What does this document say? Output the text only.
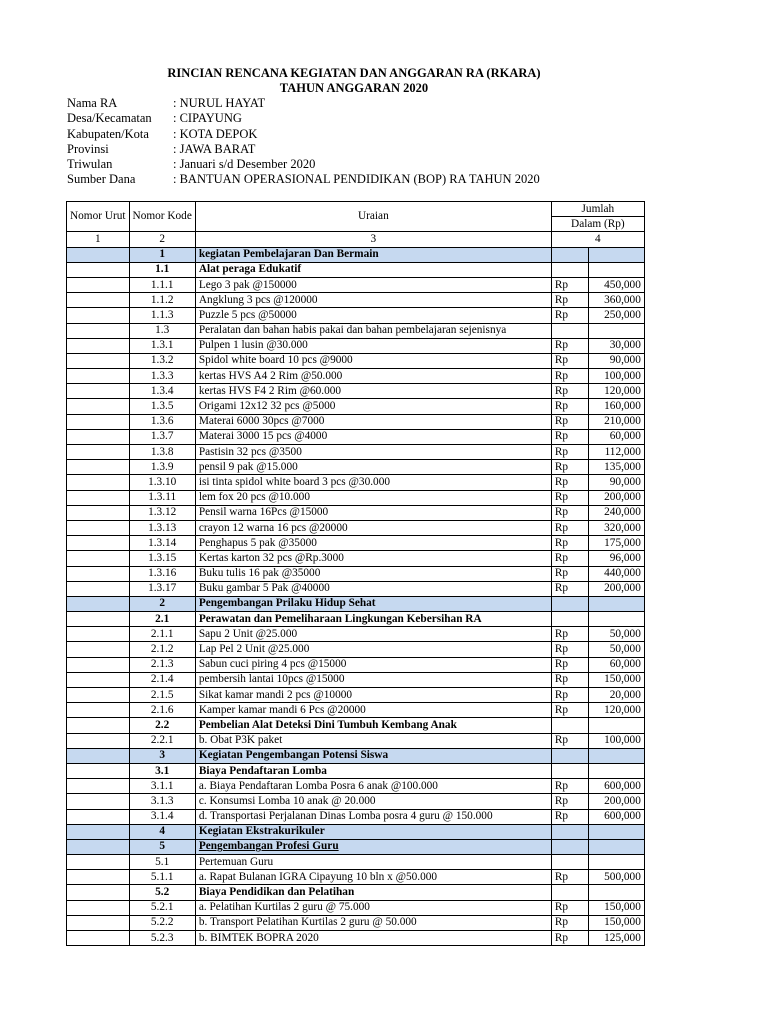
RINCIAN RENCANA KEGIATAN DAN ANGGARAN RA (RKARA)
TAHUN ANGGARAN 2020
Nama RA	: NURUL HAYAT
Desa/Kecamatan	: CIPAYUNG
Kabupaten/Kota	: KOTA DEPOK
Provinsi	: JAWA BARAT
Triwulan	: Januari s/d Desember 2020
Sumber Dana	: BANTUAN OPERASIONAL PENDIDIKAN (BOP) RA TAHUN 2020
Nomor Urut	Nomor Kode	Uraian	Jumlah	
			Dalam (Rp)	
1	2	3	4	
	1	kegiatan Pembelajaran Dan Bermain		
	1.1	Alat peraga Edukatif		
	1.1.1	Lego 3 pak @150000	Rp	450,000
	1.1.2	Angklung 3 pcs @120000	Rp	360,000
	1.1.3	Puzzle 5 pcs @50000	Rp	250,000
	1.3	Peralatan dan bahan habis pakai dan bahan pembelajaran sejenisnya		
	1.3.1	Pulpen 1 lusin @30.000	Rp	30,000
	1.3.2	Spidol white board 10 pcs @9000	Rp	90,000
	1.3.3	kertas HVS A4 2 Rim @50.000	Rp	100,000
	1.3.4	kertas HVS F4 2 Rim @60.000	Rp	120,000
	1.3.5	Origami 12x12 32 pcs @5000	Rp	160,000
	1.3.6	Materai 6000 30pcs @7000	Rp	210,000
	1.3.7	Materai 3000 15 pcs @4000	Rp	60,000
	1.3.8	Pastisin 32 pcs @3500	Rp	112,000
	1.3.9	pensil 9 pak @15.000	Rp	135,000
	1.3.10	isi tinta spidol white board 3 pcs @30.000	Rp	90,000
	1.3.11	lem fox 20 pcs @10.000	Rp	200,000
	1.3.12	Pensil warna 16Pcs @15000	Rp	240,000
	1.3.13	crayon 12 warna 16 pcs @20000	Rp	320,000
	1.3.14	Penghapus 5 pak @35000	Rp	175,000
	1.3.15	Kertas karton 32 pcs @Rp.3000	Rp	96,000
	1.3.16	Buku tulis 16 pak @35000	Rp	440,000
	1.3.17	Buku gambar 5 Pak @40000	Rp	200,000
	2	Pengembangan Prilaku Hidup Sehat		
	2.1	Perawatan dan Pemeliharaan Lingkungan Kebersihan RA		
	2.1.1	Sapu 2 Unit @25.000	Rp	50,000
	2.1.2	Lap Pel 2 Unit @25.000	Rp	50,000
	2.1.3	Sabun cuci piring 4 pcs @15000	Rp	60,000
	2.1.4	pembersih lantai 10pcs @15000	Rp	150,000
	2.1.5	Sikat kamar mandi 2 pcs @10000	Rp	20,000
	2.1.6	Kamper kamar mandi 6 Pcs @20000	Rp	120,000
	2.2	Pembelian Alat Deteksi Dini Tumbuh Kembang Anak		
	2.2.1	b. Obat P3K paket	Rp	100,000
	3	Kegiatan Pengembangan Potensi Siswa		
	3.1	Biaya Pendaftaran Lomba		
	3.1.1	a. Biaya Pendaftaran Lomba Posra 6 anak @100.000	Rp	600,000
	3.1.3	c. Konsumsi Lomba 10 anak @ 20.000	Rp	200,000
	3.1.4	d. Transportasi Perjalanan Dinas Lomba posra 4 guru @ 150.000	Rp	600,000
	4	Kegiatan Ekstrakurikuler		
	5	Pengembangan Profesi Guru		
	5.1	Pertemuan Guru		
	5.1.1	a. Rapat Bulanan IGRA Cipayung 10 bln x @50.000	Rp	500,000
	5.2	Biaya Pendidikan dan Pelatihan		
	5.2.1	a. Pelatihan Kurtilas 2 guru @ 75.000	Rp	150,000
	5.2.2	b. Transport Pelatihan Kurtilas 2 guru @ 50.000	Rp	150,000
	5.2.3	b. BIMTEK BOPRA 2020	Rp	125,000
